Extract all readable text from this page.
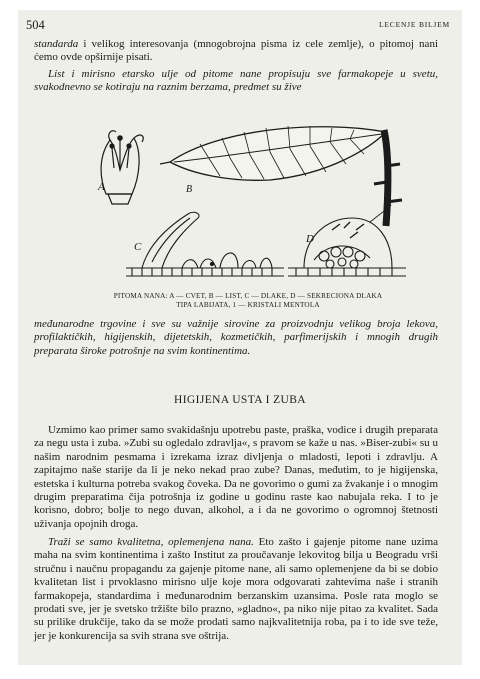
504	LECENJE BILJEM

standarda i velikog interesovanja (mnogobrojna pisma iz cele zemlje), o pitomoj nani ćemo ovde opširnije pisati.

List i mirisno etarsko ulje od pitome nane propisuju sve farmakopeje u svetu, svakodnevno se kotiraju na raznim berzama, predmet su žive

A	B
C
D
1
PITOMA NANA: A — CVET, B — LIST, C — DLAKE, D — SEKRECIONA DLAKA
TIPA LABIJATA, 1 — KRISTALI MENTOLA

međunarodne trgovine i sve su važnije sirovine za proizvodnju velikog broja lekova, profilaktičkih, higijenskih, dijetetskih, kozmetičkih, parfimerijskih i mnogih drugih preparata široke potrošnje na svim kontinentima.

HIGIJENA USTA I ZUBA

Uzmimo kao primer samo svakidašnju upotrebu paste, praška, vodice i drugih preparata za negu usta i zuba. »Zubi su ogledalo zdravlja«, s pravom se kaže u nas. »Biser-zubi« su u našim narodnim pesmama i izrekama izraz divljenja o mladosti, lepoti i zdravlju. A zapitajmo naše starije da li je neko nekad prao zube? Danas, međutim, to je higijenska, estetska i kulturna potreba svakog čoveka. Da ne govorimo o gumi za žvakanje i o mnogim drugim preparatima čija potrošnja iz godine u godinu raste kao nabujala reka. I to je korisno, dobro; bolje to nego duvan, alkohol, a i da ne govorimo o ogromnoj štetnosti uživanja opojnih droga.

Traži se samo kvalitetna, oplemenjena nana. Eto zašto i gajenje pitome nane uzima maha na svim kontinentima i zašto Institut za proučavanje lekovitog bilja u Beogradu vrši stručnu i naučnu propagandu za gajenje pitome nane, ali samo oplemenjene da bi se dobio kvalitetan list i prvoklasno mirisno ulje koje mora odgovarati zahtevima naše i stranih farmakopeja, standardima i međunarodnim berzanskim uzansima. Posle rata moglo se prodati sve, jer je svetsko tržište bilo prazno, »gladno«, pa niko nije pitao za kvalitet. Sada su prilike drukčije, tako da se može prodati samo najkvalitetnija roba, pa i to ide sve teže, jer je konkurencija sa svih strana sve oštrija.
